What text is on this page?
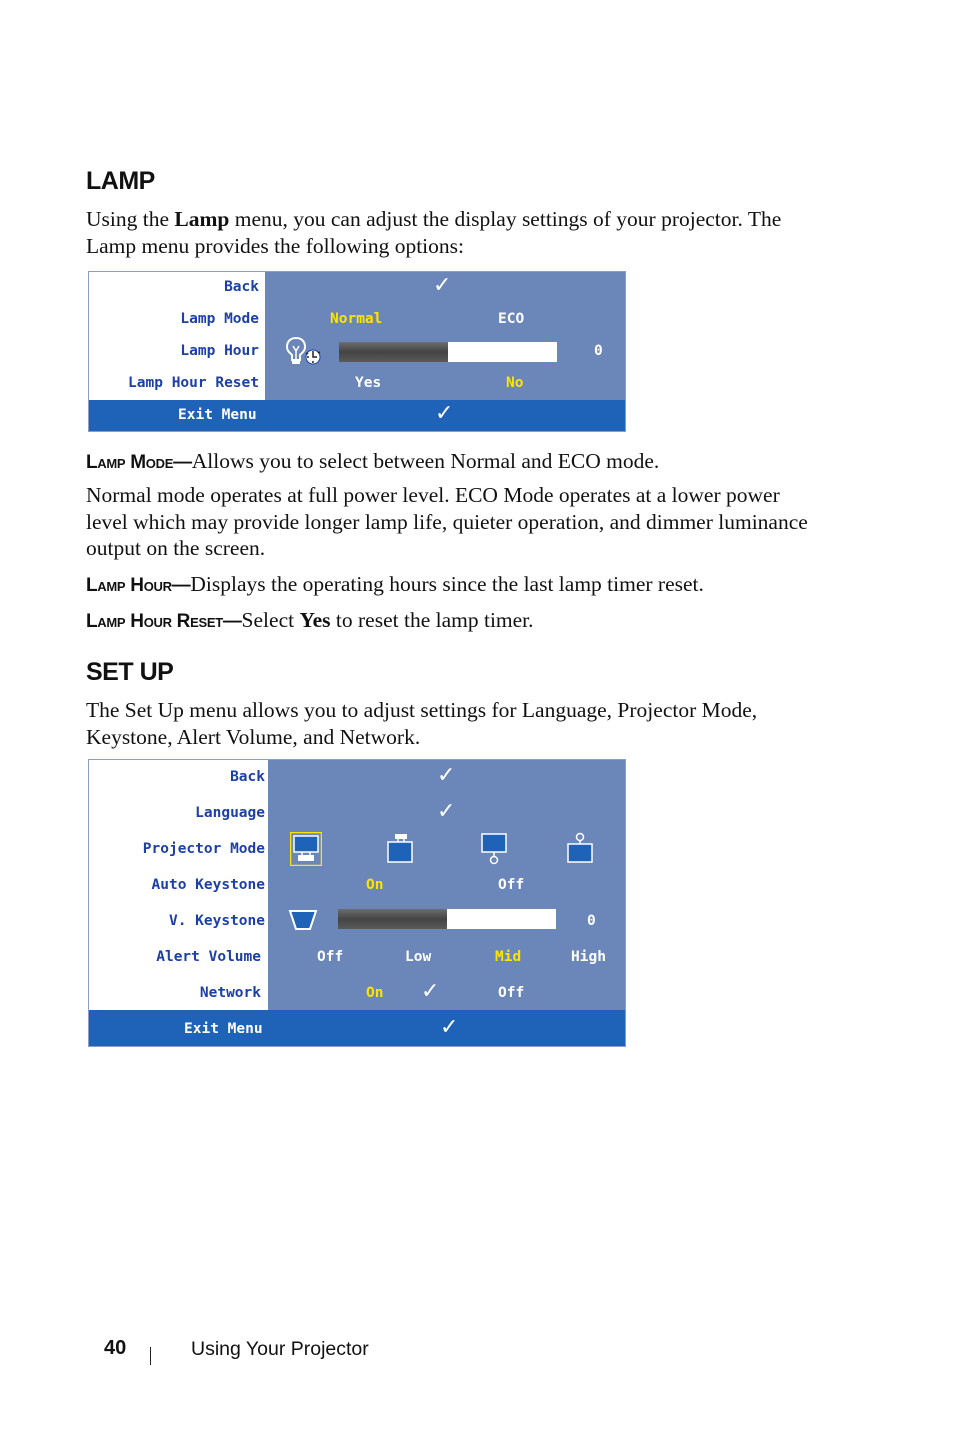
LAMP

Using the Lamp menu, you can adjust the display settings of your projector. The Lamp menu provides the following options:

Back	✓
Lamp Mode	Normal	ECO
Lamp Hour	0
Lamp Hour Reset	Yes	No
Exit Menu	✓

Lamp Mode—Allows you to select between Normal and ECO mode.

Normal mode operates at full power level. ECO Mode operates at a lower power level which may provide longer lamp life, quieter operation, and dimmer luminance output on the screen.

Lamp Hour—Displays the operating hours since the last lamp timer reset.

Lamp Hour Reset—Select Yes to reset the lamp timer.

SET UP

The Set Up menu allows you to adjust settings for Language, Projector Mode, Keystone, Alert Volume, and Network.

Back	✓
Language	✓
Projector Mode
Auto Keystone	On	Off
V. Keystone	0
Alert Volume	Off	Low	Mid	High
Network	On ✓	Off
Exit Menu	✓
40	Using Your Projector
